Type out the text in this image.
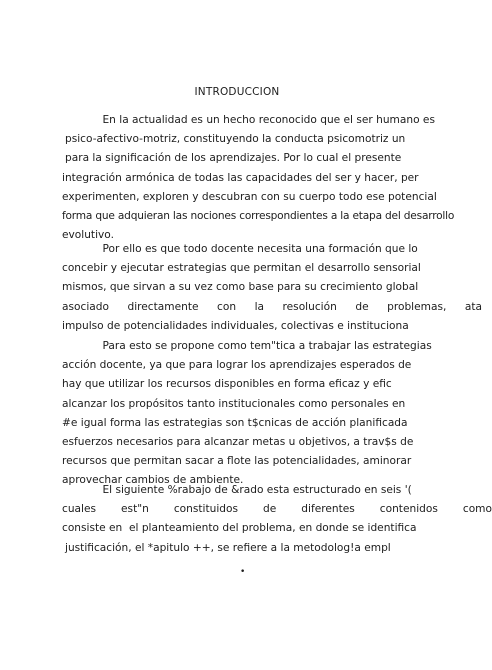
INTRODUCCION
En la actualidad es un hecho reconocido que el ser humano es
psico-afectivo-motriz, constituyendo la conducta psicomotriz un
para la significación de los aprendizajes. Por lo cual el presente
integración armónica de todas las capacidades del ser y hacer, per
experimenten, exploren y descubran con su cuerpo todo ese potencial
forma que adquieran las nociones correspondientes a la etapa del desarrollo
evolutivo.
Por ello es que todo docente necesita una formación que lo
concebir y ejecutar estrategias que permitan el desarrollo sensorial
mismos, que sirvan a su vez como base para su crecimiento global
asociado directamente con la resolución de problemas, ata
impulso de potencialidades individuales, colectivas e instituciona
Para esto se propone como tem"tica a trabajar las estrategias
acción docente, ya que para lograr los aprendizajes esperados de
hay que utilizar los recursos disponibles en forma eficaz y efic
alcanzar los propósitos tanto institucionales como personales en
#e igual forma las estrategias son t$cnicas de acción planificada
esfuerzos necesarios para alcanzar metas u objetivos, a trav$s de
recursos que permitan sacar a flote las potencialidades, aminorar
aprovechar cambios de ambiente.
El siguiente %rabajo de &rado esta estructurado en seis '(
cuales est"n constituidos de diferentes contenidos como
consiste en  el planteamiento del problema, en donde se identifica
justificación, el *apitulo ++, se refiere a la metodolog!a empl
•
